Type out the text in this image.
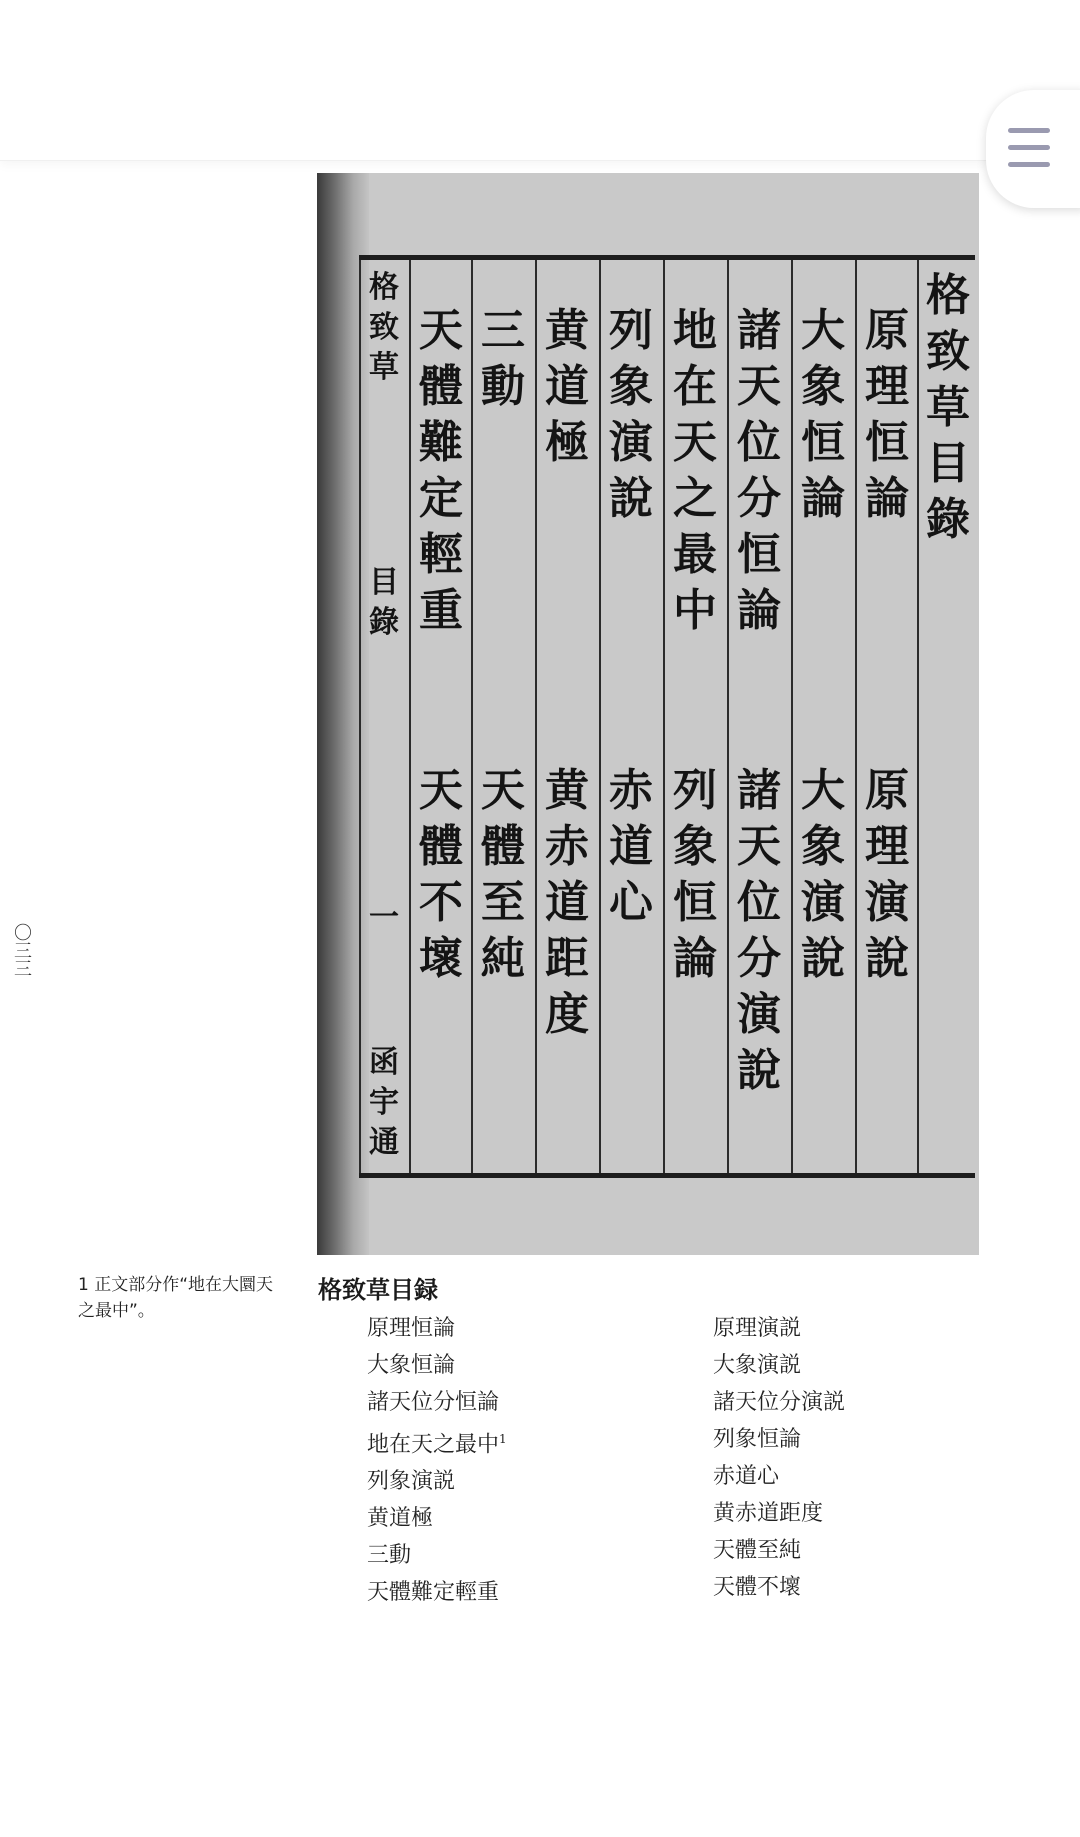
〇三三
格致草
目錄
一
函宇通
格致草目錄
原理恒論
原理演說
大象恒論
大象演說
諸天位分恒論
諸天位分演說
地在天之最中
列象恒論
列象演說
赤道心
黄道極
黄赤道距度
三動
天體至純
天體難定輕重
天體不壞
1 正文部分作“地在大圜天之最中”。
格致草目録
原理恒論
大象恒論
諸天位分恒論
地在天之最中$^1$
列象演説
黄道極
三動
天體難定輕重
原理演説
大象演説
諸天位分演説
列象恒論
赤道心
黄赤道距度
天體至純
天體不壞
